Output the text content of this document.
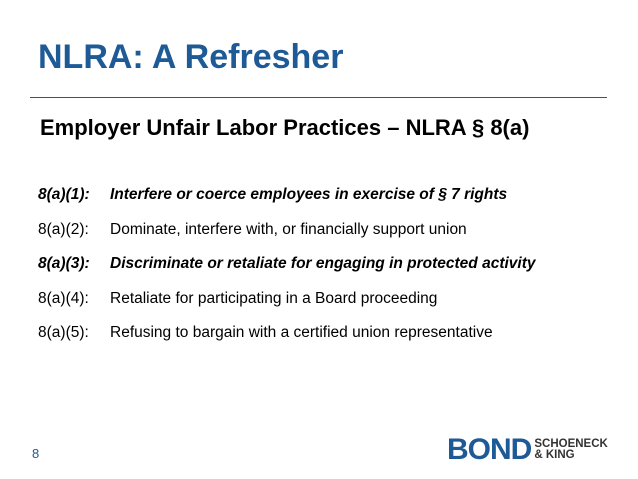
NLRA: A Refresher
Employer Unfair Labor Practices – NLRA § 8(a)
8(a)(1):	Interfere or coerce employees in exercise of § 7 rights
8(a)(2):	Dominate, interfere with, or financially support union
8(a)(3):	Discriminate or retaliate for engaging in protected activity
8(a)(4):	Retaliate for participating in a Board proceeding
8(a)(5):	Refusing to bargain with a certified union representative
8	BOND SCHOENECK
& KING
